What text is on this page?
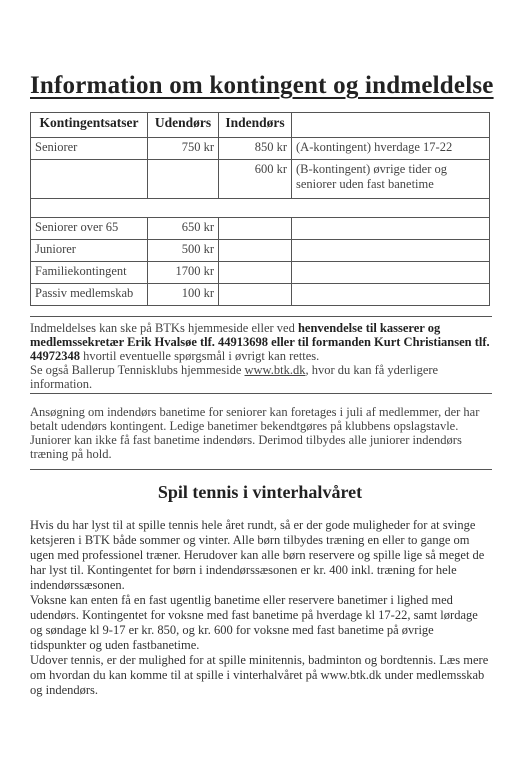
Information om kontingent og indmeldelse
Kontingentsatser	Udendørs	Indendørs	
Seniorer	750 kr	850 kr	(A-kontingent) hverdage 17-22
		600 kr	(B-kontingent) øvrige tider og seniorer uden fast banetime

Seniorer over 65	650 kr		
Juniorer	500 kr		
Familiekontingent	1700 kr		
Passiv medlemskab	100 kr		
Indmeldelses kan ske på BTKs hjemmeside eller ved henvendelse til kasserer og medlemssekretær Erik Hvalsøe tlf. 44913698 eller til formanden Kurt Christiansen tlf. 44972348 hvortil eventuelle spørgsmål i øvrigt kan rettes.
Se også Ballerup Tennisklubs hjemmeside www.btk.dk, hvor du kan få yderligere information.
Ansøgning om indendørs banetime for seniorer kan foretages i juli af medlemmer, der har betalt udendørs kontingent. Ledige banetimer bekendtgøres på klubbens opslagstavle.
Juniorer kan ikke få fast banetime indendørs. Derimod tilbydes alle juniorer indendørs træning på hold.
Spil tennis i vinterhalvåret

Hvis du har lyst til at spille tennis hele året rundt, så er der gode muligheder for at svinge ketsjeren i BTK både sommer og vinter. Alle børn tilbydes træning en eller to gange om ugen med professionel træner. Herudover kan alle børn reservere og spille lige så meget de har lyst til. Kontingentet for børn i indendørssæsonen er kr. 400 inkl. træning for hele indendørssæsonen.

Voksne kan enten få en fast ugentlig banetime eller reservere banetimer i lighed med udendørs. Kontingentet for voksne med fast banetime på hverdage kl 17-22, samt lørdage og søndage kl 9-17 er kr. 850, og kr. 600 for voksne med fast banetime på øvrige tidspunkter og uden fastbanetime.

Udover tennis, er der mulighed for at spille minitennis, badminton og bordtennis. Læs mere om hvordan du kan komme til at spille i vinterhalvåret på www.btk.dk under medlemsskab og indendørs.
